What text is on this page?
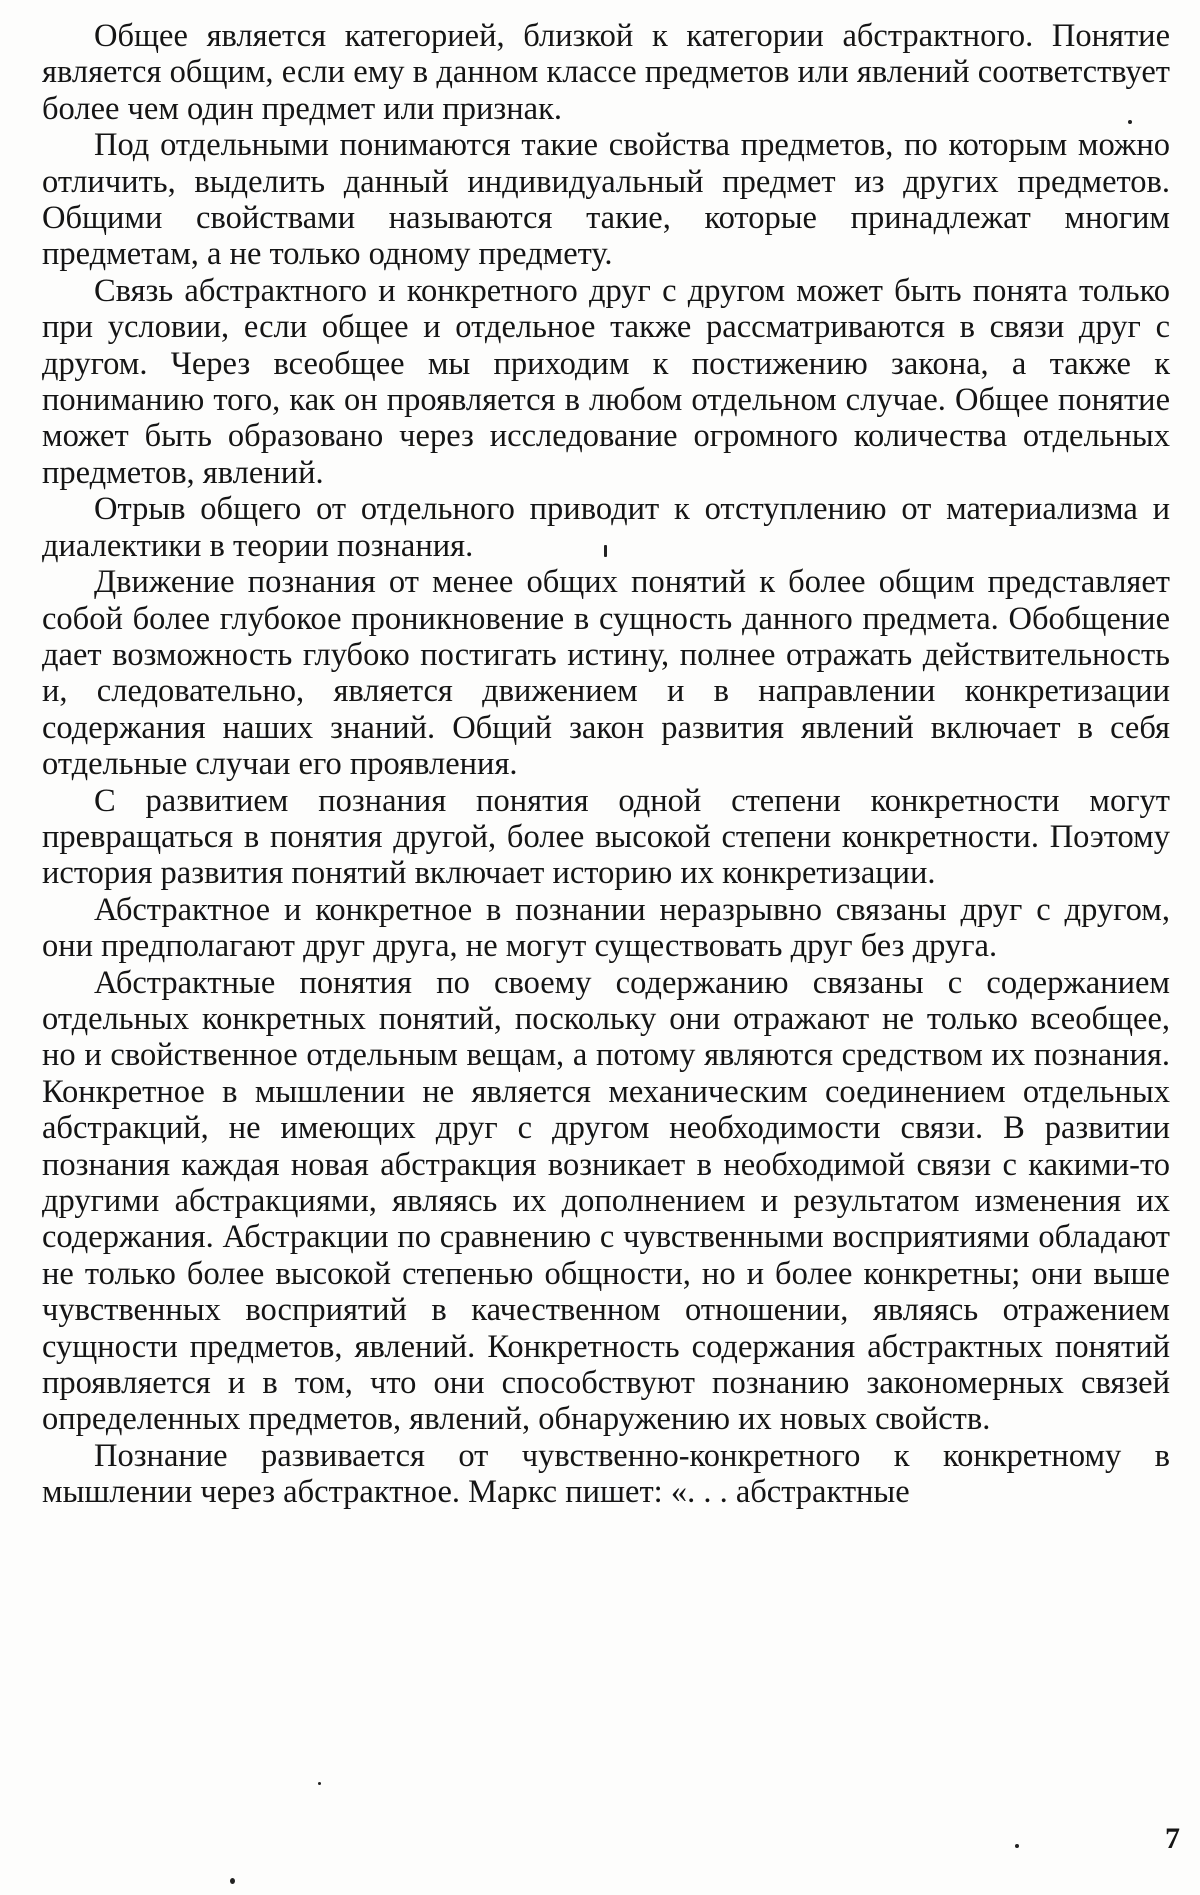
Общее является категорией, близкой к категории абстрактного. Понятие является общим, если ему в данном классе предметов или явлений соответствует более чем один предмет или признак.

Под отдельными понимаются такие свойства предметов, по которым можно отличить, выделить данный индивидуальный предмет из других предметов. Общими свойствами называются такие, которые принадлежат многим предметам, а не только одному предмету.

Связь абстрактного и конкретного друг с другом может быть понята только при условии, если общее и отдельное также рассматриваются в связи друг с другом. Через всеобщее мы приходим к постижению закона, а также к пониманию того, как он проявляется в любом отдельном случае. Общее понятие может быть образовано через исследование огромного количества отдельных предметов, явлений.

Отрыв общего от отдельного приводит к отступлению от материализма и диалектики в теории познания.

Движение познания от менее общих понятий к более общим представляет собой более глубокое проникновение в сущность данного предмета. Обобщение дает возможность глубоко постигать истину, полнее отражать действительность и, следовательно, является движением и в направлении конкретизации содержания наших знаний. Общий закон развития явлений включает в себя отдельные случаи его проявления.

С развитием познания понятия одной степени конкретности могут превращаться в понятия другой, более высокой степени конкретности. Поэтому история развития понятий включает историю их конкретизации.

Абстрактное и конкретное в познании неразрывно связаны друг с другом, они предполагают друг друга, не могут существовать друг без друга.

Абстрактные понятия по своему содержанию связаны с содержанием отдельных конкретных понятий, поскольку они отражают не только всеобщее, но и свойственное отдельным вещам, а потому являются средством их познания. Конкретное в мышлении не является механическим соединением отдельных абстракций, не имеющих друг с другом необходимости связи. В развитии познания каждая новая абстракция возникает в необходимой связи с какими-то другими абстракциями, являясь их дополнением и результатом изменения их содержания. Абстракции по сравнению с чувственными восприятиями обладают не только более высокой степенью общности, но и более конкретны; они выше чувственных восприятий в качественном отношении, являясь отражением сущности предметов, явлений. Конкретность содержания абстрактных понятий проявляется и в том, что они способствуют познанию закономерных связей определенных предметов, явлений, обнаружению их новых свойств.

Познание развивается от чувственно-конкретного к конкретному в мышлении через абстрактное. Маркс пишет: «. . . абстрактные

7
